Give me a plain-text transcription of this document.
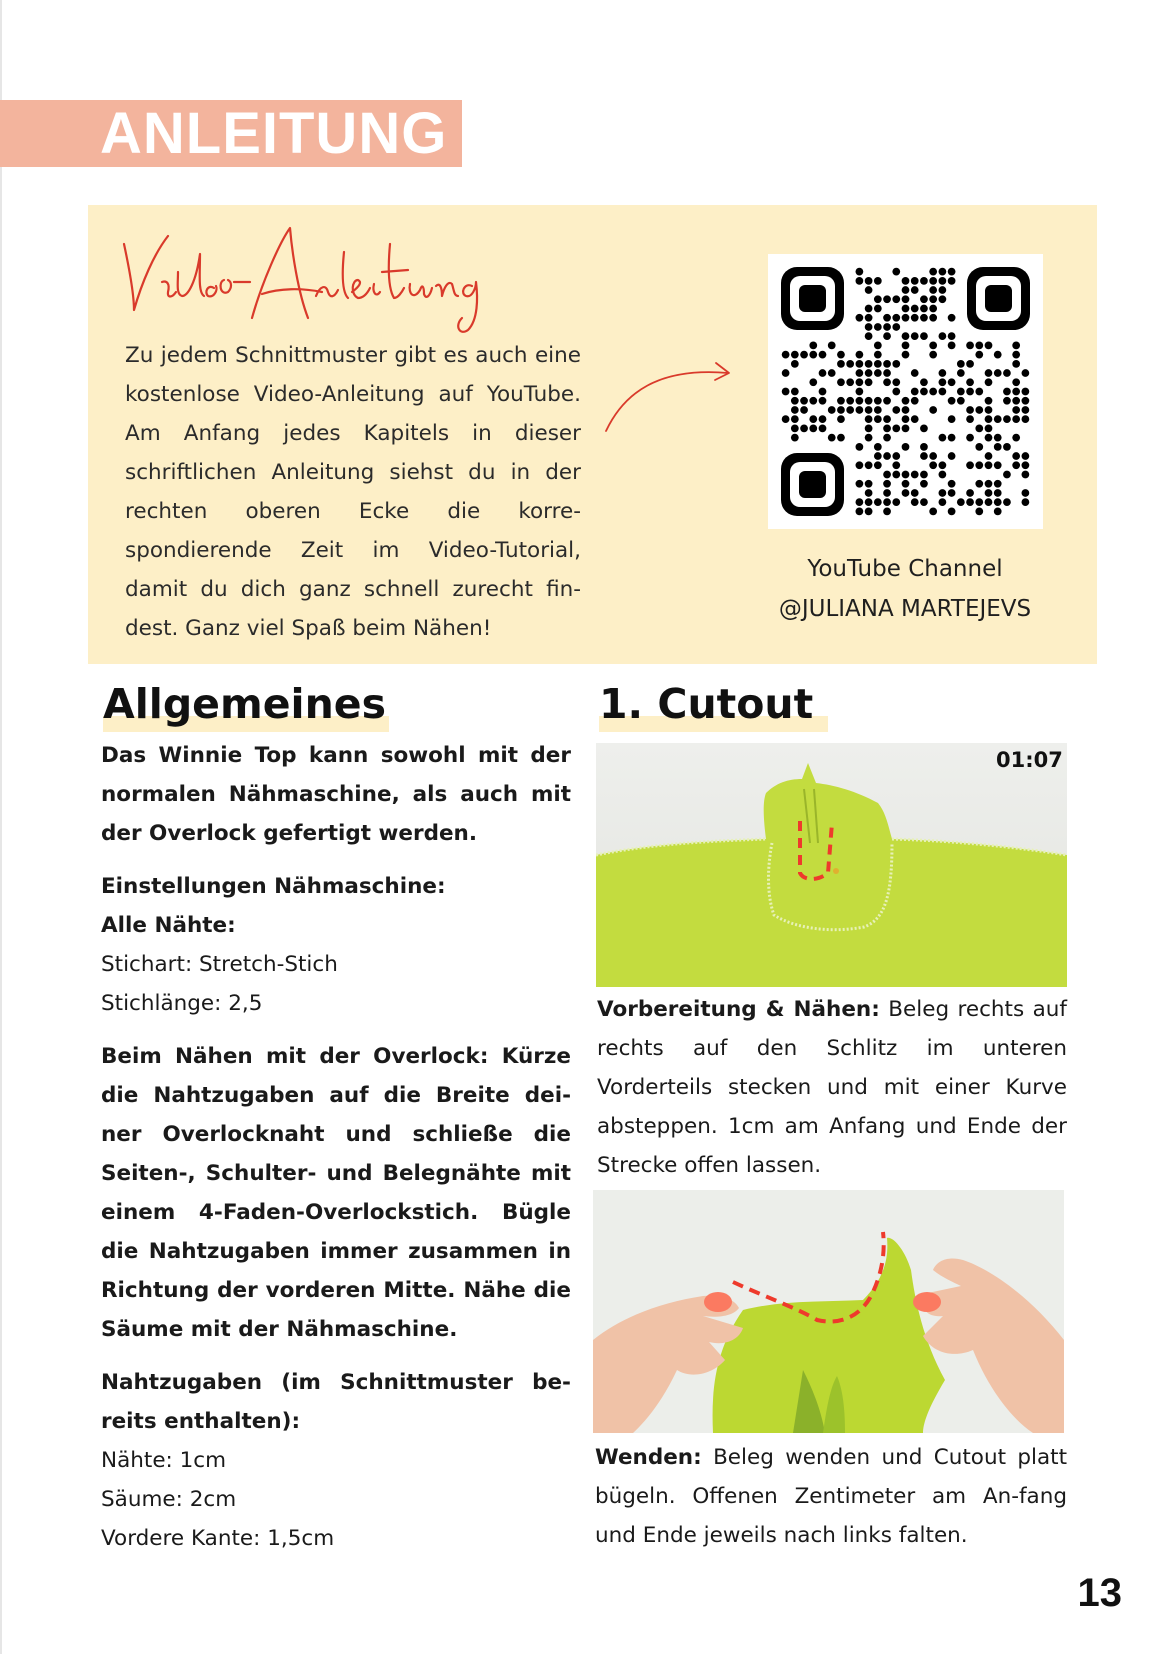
ANLEITUNG

Zu jedem Schnittmuster gibt es auch eine kostenlose Video-Anleitung auf YouTube. Am Anfang jedes Kapitels in dieser schriftlichen Anleitung siehst du in der rechten oberen Ecke die korre-spondierende Zeit im Video-Tutorial, damit du dich ganz schnell zurecht fin-dest. Ganz viel Spaß beim Nähen!

YouTube Channel
@JULIANA MARTEJEVS
Allgemeines

Das Winnie Top kann sowohl mit der normalen Nähmaschine, als auch mit der Overlock gefertigt werden.

Einstellungen Nähmaschine:

Alle Nähte:

Stichart: Stretch-Stich

Stichlänge: 2,5

Beim Nähen mit der Overlock: Kürze die Nahtzugaben auf die Breite dei-ner Overlocknaht und schließe die Seiten-, Schulter- und Belegnähte mit einem 4-Faden-Overlockstich. Bügle die Nahtzugaben immer zusammen in Richtung der vorderen Mitte. Nähe die Säume mit der Nähmaschine.

Nahtzugaben (im Schnittmuster be-reits enthalten):

Nähte: 1cm

Säume: 2cm

Vordere Kante: 1,5cm

1. Cutout
01:07

Vorbereitung & Nähen: Beleg rechts auf rechts auf den Schlitz im unteren Vorderteils stecken und mit einer Kurve absteppen. 1cm am Anfang und Ende der Strecke offen lassen.

Wenden: Beleg wenden und Cutout platt bügeln. Offenen Zentimeter am An-fang und Ende jeweils nach links falten.

13
